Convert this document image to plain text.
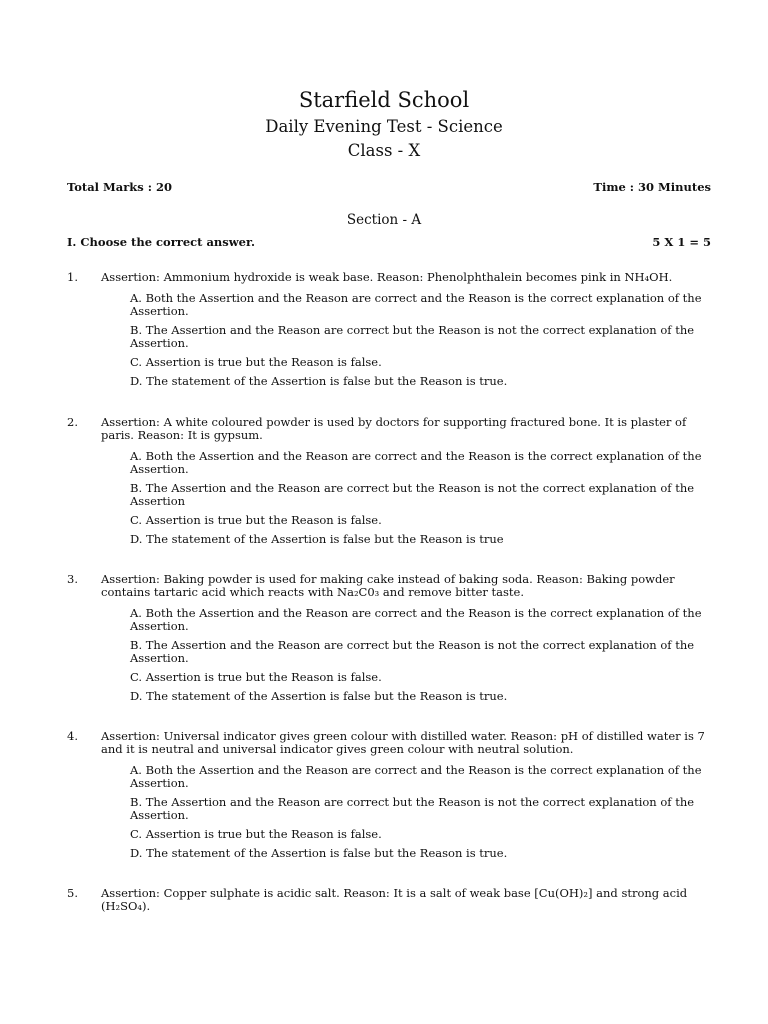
Starfield School
Daily Evening Test - Science
Class - X
Total Marks : 20	Time : 30 Minutes
Section - A
I. Choose the correct answer.	5 X 1 = 5
1.	Assertion: Ammonium hydroxide is weak base. Reason: Phenolphthalein becomes pink in NH₄OH.
A. Both the Assertion and the Reason are correct and the Reason is the correct explanation of the Assertion.
B. The Assertion and the Reason are correct but the Reason is not the correct explanation of the Assertion.
C. Assertion is true but the Reason is false.
D. The statement of the Assertion is false but the Reason is true.
2.	Assertion: A white coloured powder is used by doctors for supporting fractured bone. It is plaster of paris. Reason: It is gypsum.
A. Both the Assertion and the Reason are correct and the Reason is the correct explanation of the Assertion.
B. The Assertion and the Reason are correct but the Reason is not the correct explanation of the Assertion
C. Assertion is true but the Reason is false.
D. The statement of the Assertion is false but the Reason is true
3.	Assertion: Baking powder is used for making cake instead of baking soda. Reason: Baking powder contains tartaric acid which reacts with Na₂C0₃ and remove bitter taste.
A. Both the Assertion and the Reason are correct and the Reason is the correct explanation of the Assertion.
B. The Assertion and the Reason are correct but the Reason is not the correct explanation of the Assertion.
C. Assertion is true but the Reason is false.
D. The statement of the Assertion is false but the Reason is true.
4.	Assertion: Universal indicator gives green colour with distilled water. Reason: pH of distilled water is 7 and it is neutral and universal indicator gives green colour with neutral solution.
A. Both the Assertion and the Reason are correct and the Reason is the correct explanation of the Assertion.
B. The Assertion and the Reason are correct but the Reason is not the correct explanation of the Assertion.
C. Assertion is true but the Reason is false.
D. The statement of the Assertion is false but the Reason is true.
5.	Assertion: Copper sulphate is acidic salt. Reason: It is a salt of weak base [Cu(OH)₂] and strong acid (H₂SO₄).
